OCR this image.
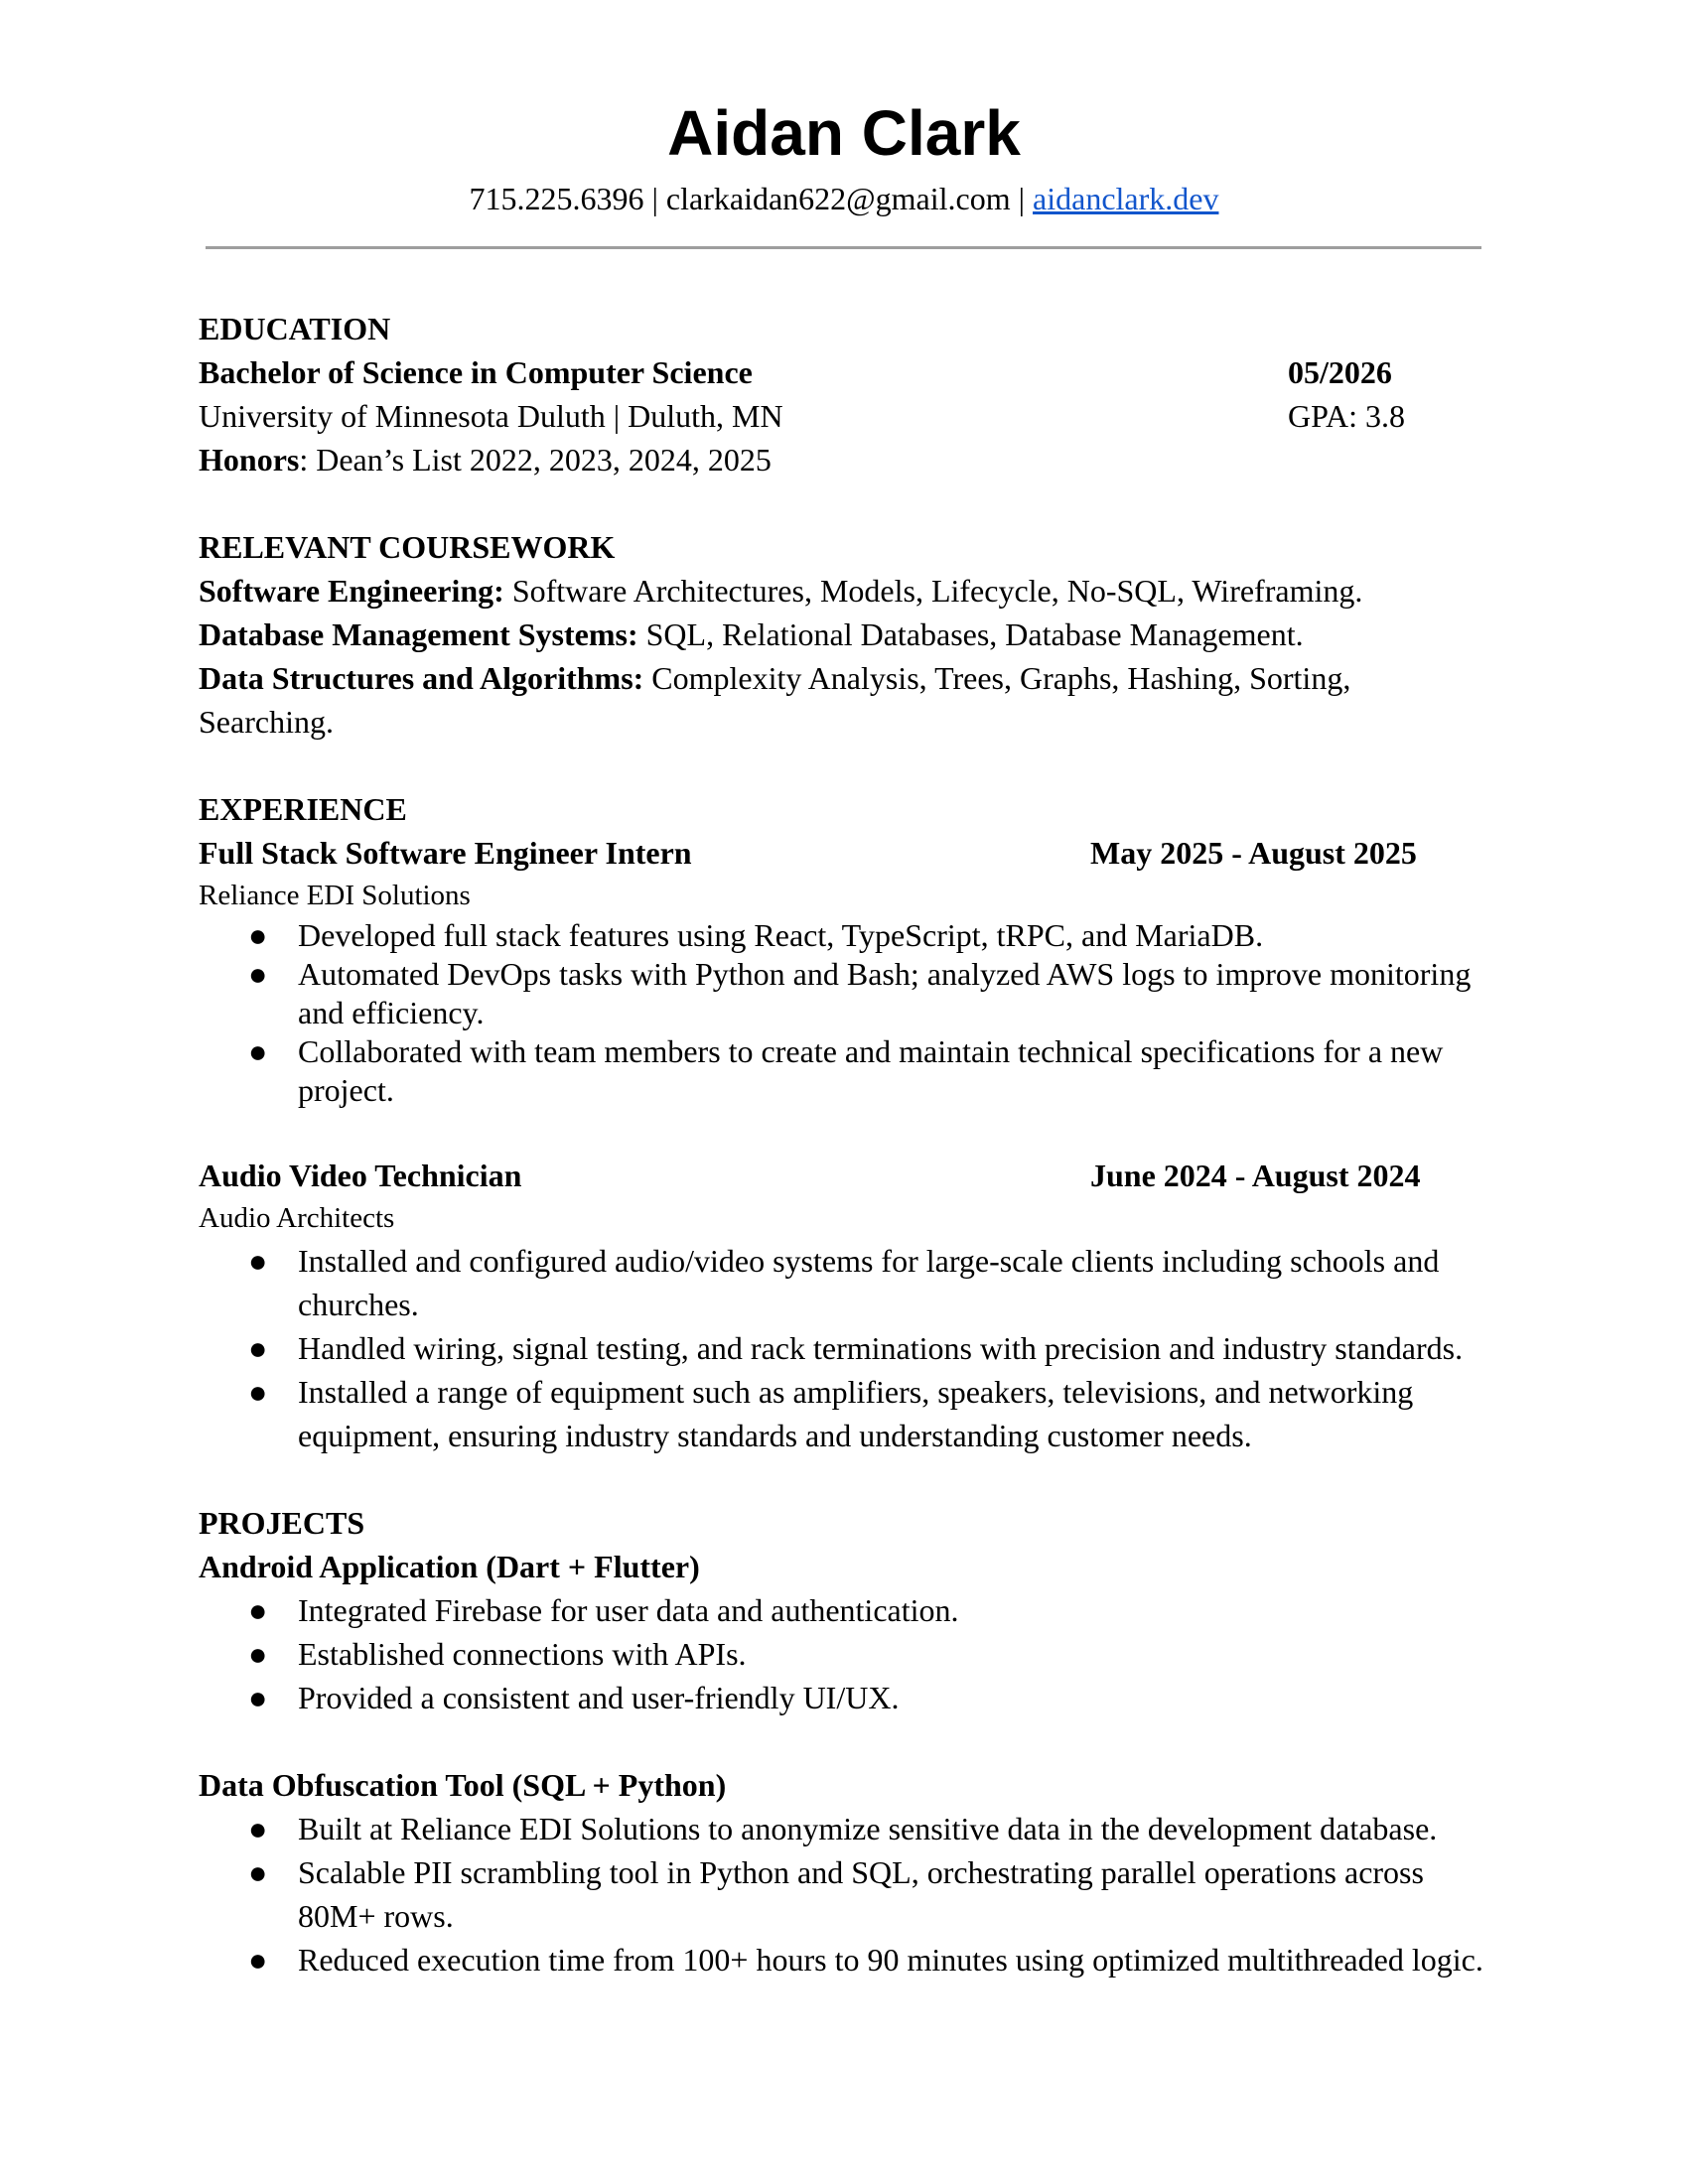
Aidan Clark
715.225.6396 | clarkaidan622@gmail.com | aidanclark.dev
EDUCATION
Bachelor of Science in Computer Science	05/2026
University of Minnesota Duluth | Duluth, MN	GPA: 3.8
Honors: Dean’s List 2022, 2023, 2024, 2025
RELEVANT COURSEWORK
Software Engineering: Software Architectures, Models, Lifecycle, No-SQL, Wireframing.
Database Management Systems: SQL, Relational Databases, Database Management.
Data Structures and Algorithms: Complexity Analysis, Trees, Graphs, Hashing, Sorting, Searching.
EXPERIENCE
Full Stack Software Engineer Intern	May 2025 - August 2025
Reliance EDI Solutions
● Developed full stack features using React, TypeScript, tRPC, and MariaDB.
● Automated DevOps tasks with Python and Bash; analyzed AWS logs to improve monitoring and efficiency.
● Collaborated with team members to create and maintain technical specifications for a new project.
Audio Video Technician	June 2024 - August 2024
Audio Architects
● Installed and configured audio/video systems for large-scale clients including schools and churches.
● Handled wiring, signal testing, and rack terminations with precision and industry standards.
● Installed a range of equipment such as amplifiers, speakers, televisions, and networking equipment, ensuring industry standards and understanding customer needs.
PROJECTS
Android Application (Dart + Flutter)
● Integrated Firebase for user data and authentication.
● Established connections with APIs.
● Provided a consistent and user-friendly UI/UX.
Data Obfuscation Tool (SQL + Python)
● Built at Reliance EDI Solutions to anonymize sensitive data in the development database.
● Scalable PII scrambling tool in Python and SQL, orchestrating parallel operations across 80M+ rows.
● Reduced execution time from 100+ hours to 90 minutes using optimized multithreaded logic.
